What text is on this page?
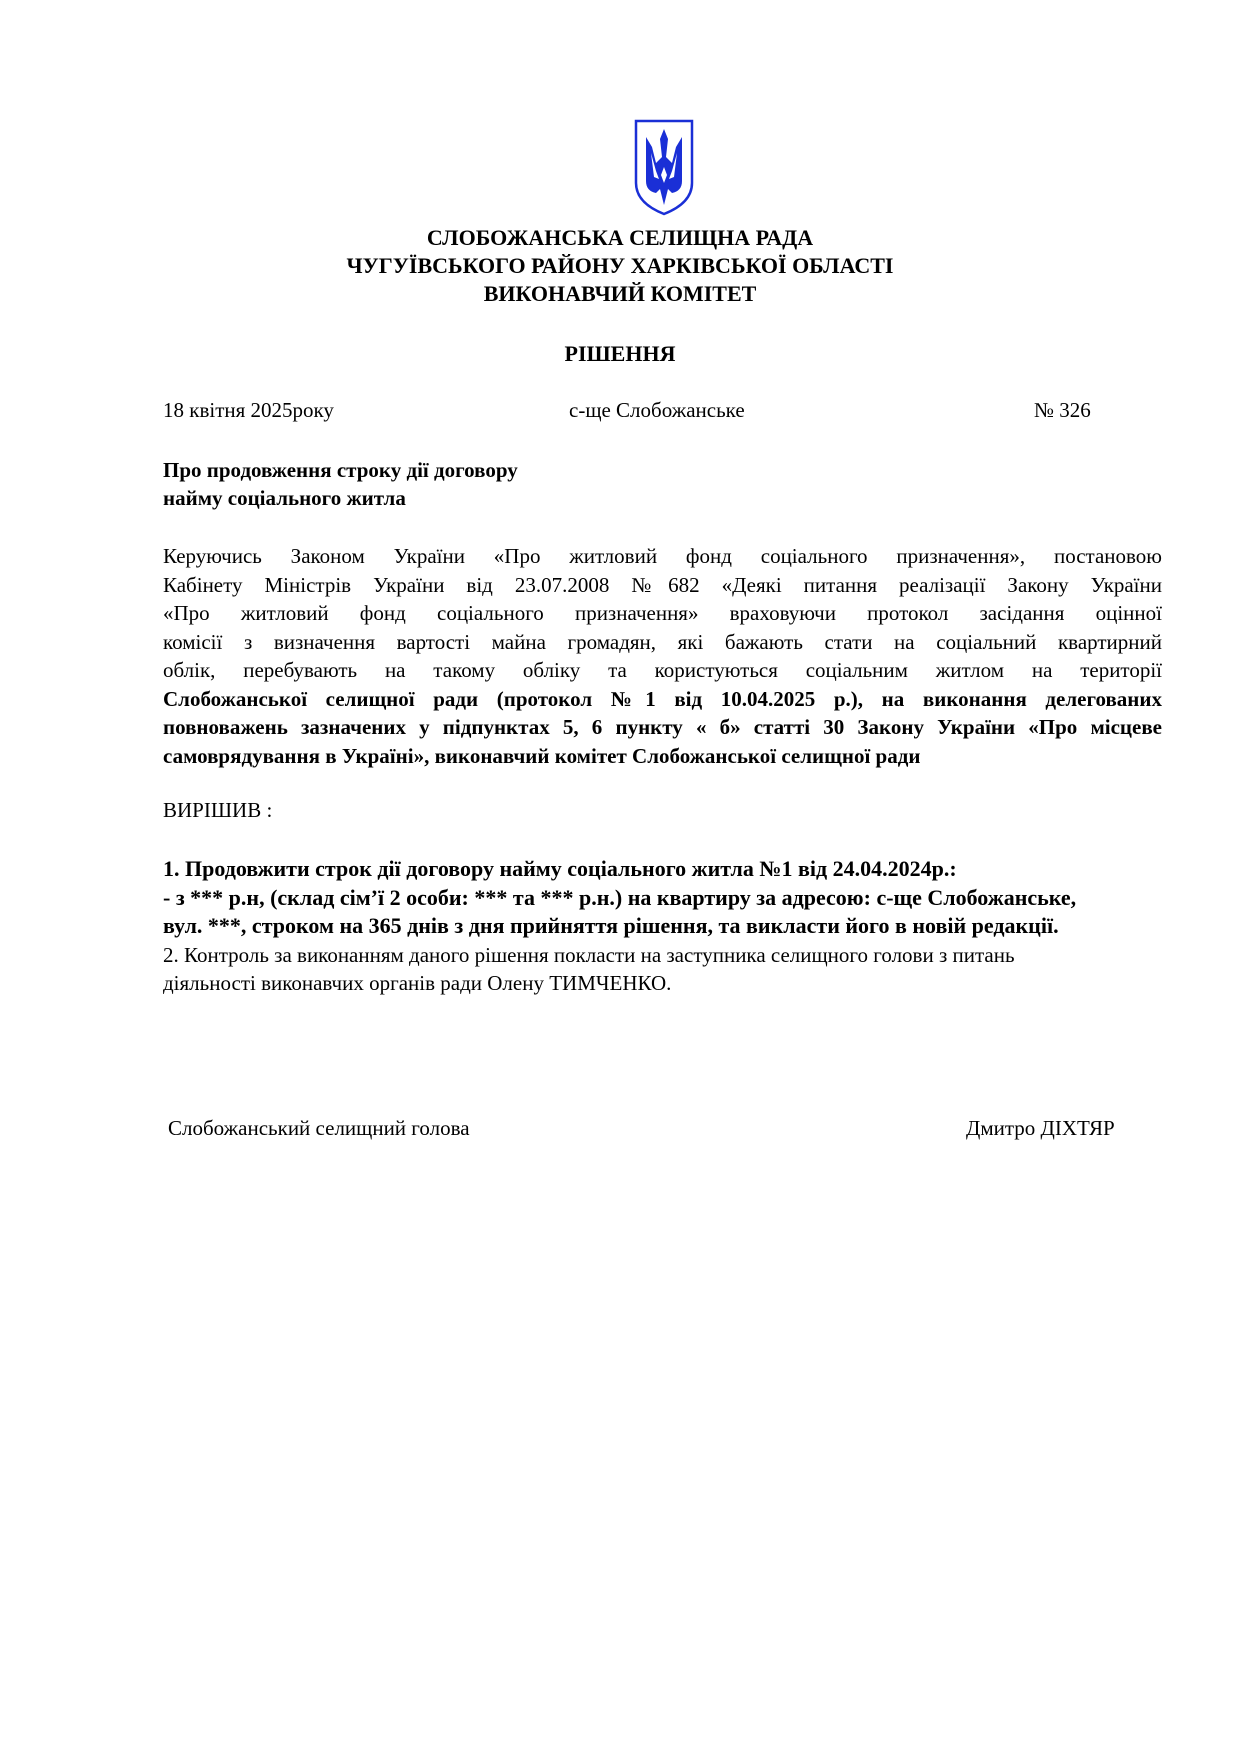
СЛОБОЖАНСЬКА СЕЛИЩНА РАДА
ЧУГУЇВСЬКОГО РАЙОНУ ХАРКІВСЬКОЇ ОБЛАСТІ
ВИКОНАВЧИЙ КОМІТЕТ
РІШЕННЯ
18 квітня 2025року	с-ще Слобожанське	№ 326
Про продовження строку дії договору
найму соціального житла
Керуючись Законом України «Про житловий фонд соціального призначення», постановою
Кабінету Міністрів України від 23.07.2008 №682 «Деякі питання реалізації Закону України
«Про житловий фонд соціального призначення» враховуючи протокол засідання оцінної
комісії з визначення вартості майна громадян, які бажають стати на соціальний квартирний
облік, перебувають на такому обліку та користуються соціальним житлом на території
Слобожанської селищної ради (протокол №1 від 10.04.2025 р.), на виконання делегованих
повноважень зазначених у підпунктах 5, 6 пункту « б» статті 30 Закону України «Про місцеве
самоврядування в Україні», виконавчий комітет Слобожанської селищної ради
ВИРІШИВ :
1. Продовжити строк дії договору найму соціального житла №1 від 24.04.2024р.:
- з *** р.н, (склад сім’ї 2 особи: *** та *** р.н.) на квартиру за адресою: с-ще Слобожанське,
вул. ***, строком на 365 днів з дня прийняття рішення, та викласти його в новій редакції.
2. Контроль за виконанням даного рішення покласти на заступника селищного голови з питань
діяльності виконавчих органів ради Олену ТИМЧЕНКО.
Слобожанський селищний голова	Дмитро ДІХТЯР
